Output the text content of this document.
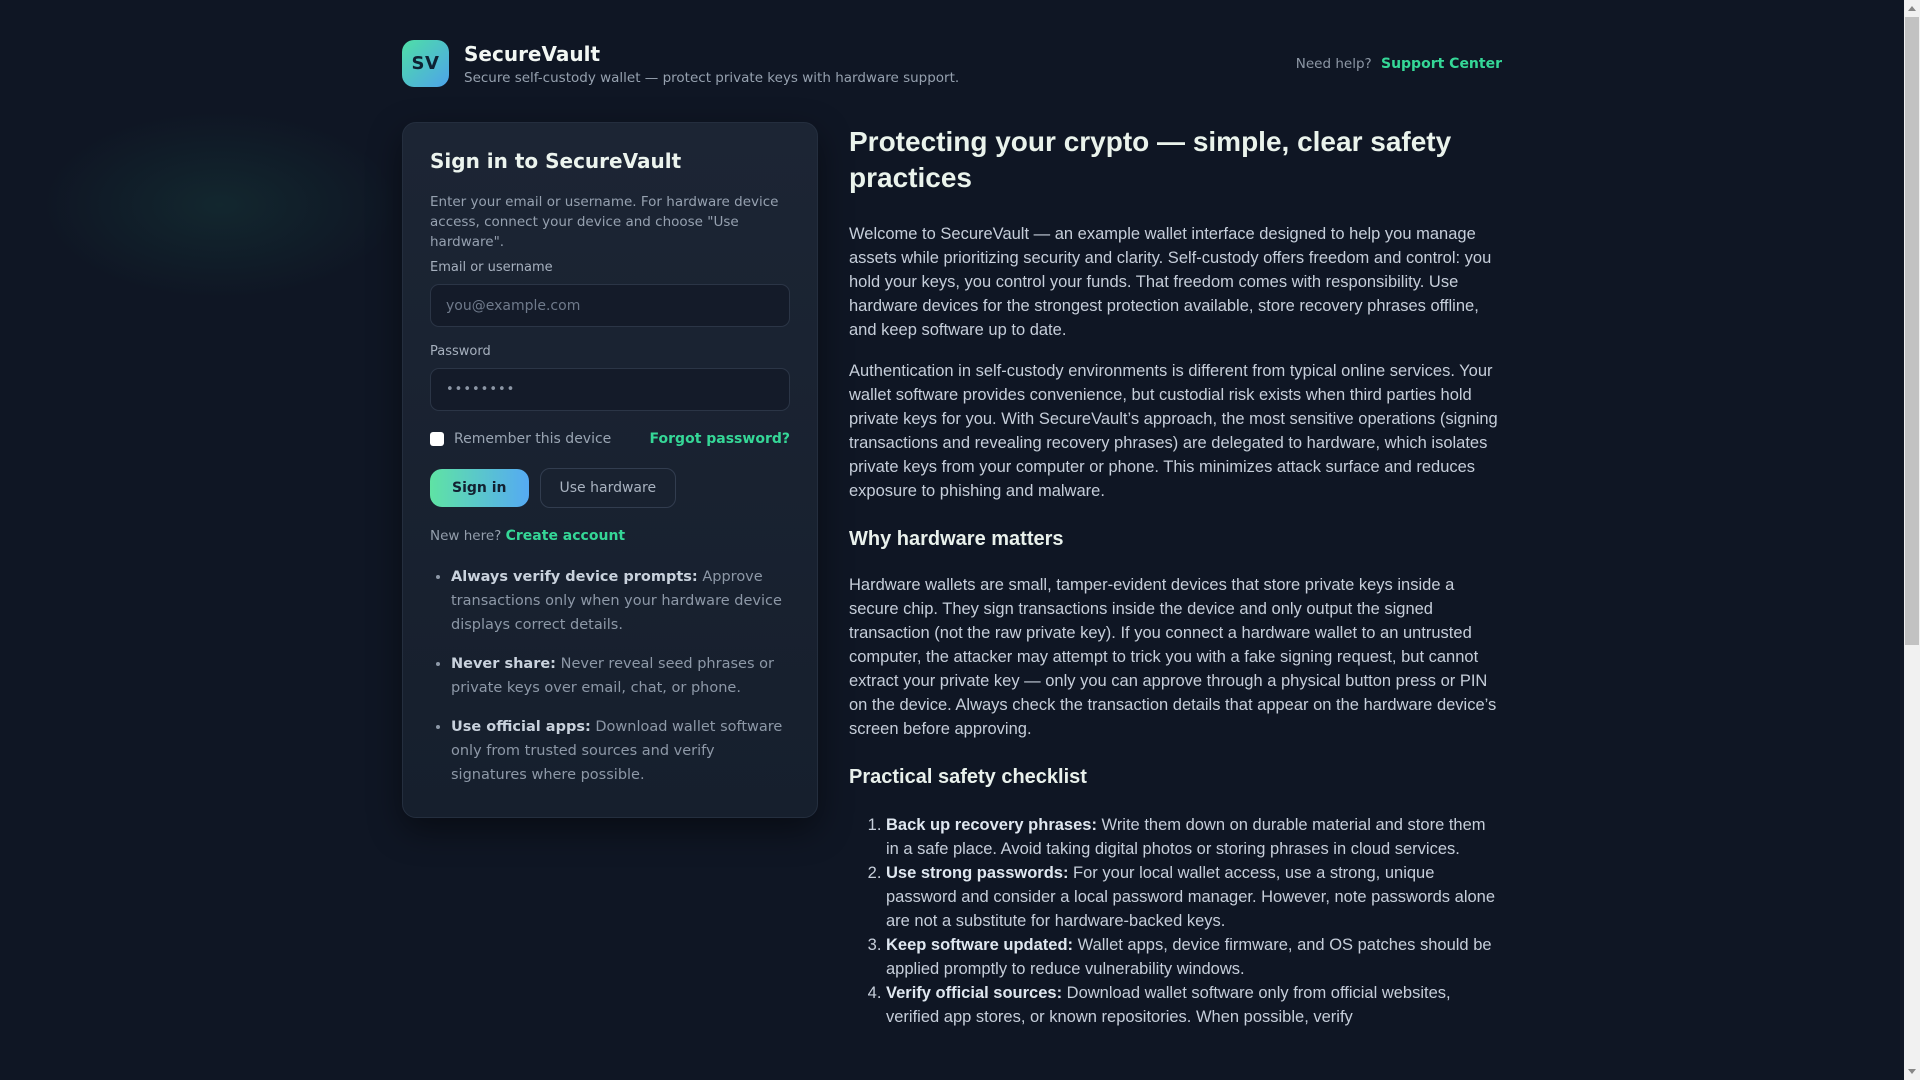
SV SecureVault

Secure self-custody wallet — protect private keys with hardware support.

Need help? Support Center
Sign in to SecureVault

Enter your email or username. For hardware device access, connect your device and choose "Use hardware".

Email or username
you@example.com
Password
••••••••
Remember this device	Forgot password?
Sign in	Use hardware

New here? Create account

• Always verify device prompts: Approve transactions only when your hardware device displays correct details.
• Never share: Never reveal seed phrases or private keys over email, chat, or phone.
• Use official apps: Download wallet software only from trusted sources and verify signatures where possible.
Protecting your crypto — simple, clear safety practices

Welcome to SecureVault — an example wallet interface designed to help you manage assets while prioritizing security and clarity. Self-custody offers freedom and control: you hold your keys, you control your funds. That freedom comes with responsibility. Use hardware devices for the strongest protection available, store recovery phrases offline, and keep software up to date.

Authentication in self-custody environments is different from typical online services. Your wallet software provides convenience, but custodial risk exists when third parties hold private keys for you. With SecureVault’s approach, the most sensitive operations (signing transactions and revealing recovery phrases) are delegated to hardware, which isolates private keys from your computer or phone. This minimizes attack surface and reduces exposure to phishing and malware.

Why hardware matters

Hardware wallets are small, tamper-evident devices that store private keys inside a secure chip. They sign transactions inside the device and only output the signed transaction (not the raw private key). If you connect a hardware wallet to an untrusted computer, the attacker may attempt to trick you with a fake signing request, but cannot extract your private key — only you can approve through a physical button press or PIN on the device. Always check the transaction details that appear on the hardware device’s screen before approving.

Practical safety checklist
1. Back up recovery phrases: Write them down on durable material and store them in a safe place. Avoid taking digital photos or storing phrases in cloud services.
2. Use strong passwords: For your local wallet access, use a strong, unique password and consider a local password manager. However, note passwords alone are not a substitute for hardware-backed keys.
3. Keep software updated: Wallet apps, device firmware, and OS patches should be applied promptly to reduce vulnerability windows.
4. Verify official sources: Download wallet software only from official websites, verified app stores, or known repositories. When possible, verify
